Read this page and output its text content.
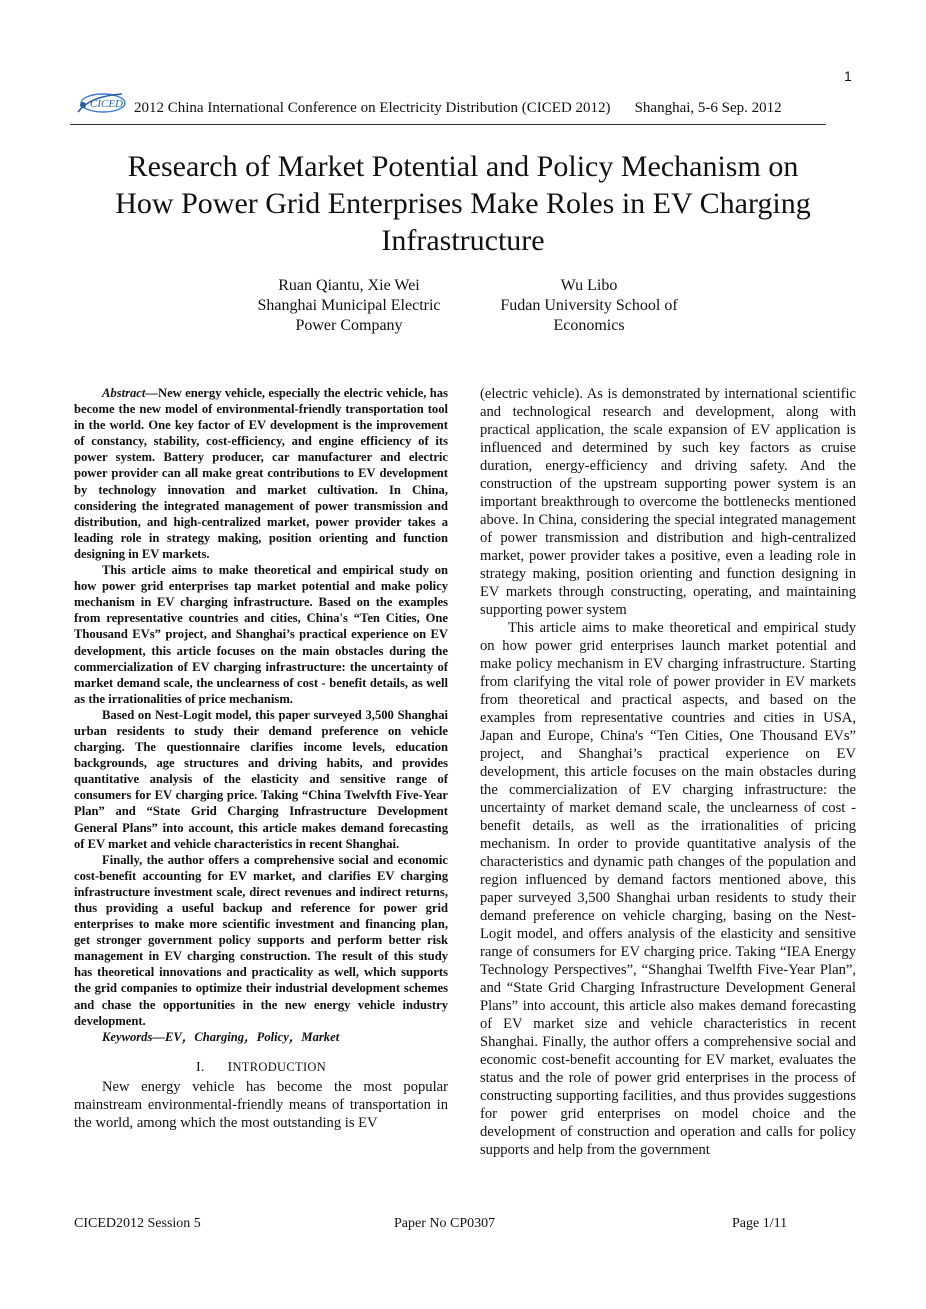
1
CICED 2012 China International Conference on Electricity Distribution (CICED 2012) Shanghai, 5-6 Sep. 2012
Research of Market Potential and Policy Mechanism on
How Power Grid Enterprises Make Roles in EV Charging
Infrastructure
Ruan Qiantu, Xie Wei
Shanghai Municipal Electric
Power Company
Wu Libo
Fudan University School of
Economics

Abstract—New energy vehicle, especially the electric vehicle, has become the new model of environmental-friendly transportation tool in the world. One key factor of EV development is the improvement of constancy, stability, cost-efficiency, and engine efficiency of its power system. Battery producer, car manufacturer and electric power provider can all make great contributions to EV development by technology innovation and market cultivation. In China, considering the integrated management of power transmission and distribution, and high-centralized market, power provider takes a leading role in strategy making, position orienting and function designing in EV markets.

This article aims to make theoretical and empirical study on how power grid enterprises tap market potential and make policy mechanism in EV charging infrastructure. Based on the examples from representative countries and cities, China's “Ten Cities, One Thousand EVs” project, and Shanghai’s practical experience on EV development, this article focuses on the main obstacles during the commercialization of EV charging infrastructure: the uncertainty of market demand scale, the unclearness of cost - benefit details, as well as the irrationalities of price mechanism.

Based on Nest-Logit model, this paper surveyed 3,500 Shanghai urban residents to study their demand preference on vehicle charging. The questionnaire clarifies income levels, education backgrounds, age structures and driving habits, and provides quantitative analysis of the elasticity and sensitive range of consumers for EV charging price. Taking “China Twelvfth Five-Year Plan” and “State Grid Charging Infrastructure Development General Plans” into account, this article makes demand forecasting of EV market and vehicle characteristics in recent Shanghai.

Finally, the author offers a comprehensive social and economic cost-benefit accounting for EV market, and clarifies EV charging infrastructure investment scale, direct revenues and indirect returns, thus providing a useful backup and reference for power grid enterprises to make more scientific investment and financing plan, get stronger government policy supports and perform better risk management in EV charging construction. The result of this study has theoretical innovations and practicality as well, which supports the grid companies to optimize their industrial development schemes and chase the opportunities in the new energy vehicle industry development.

Keywords—EV，Charging，Policy，Market

I. INTRODUCTION

New energy vehicle has become the most popular mainstream environmental-friendly means of transportation in the world, among which the most outstanding is EV

(electric vehicle). As is demonstrated by international scientific and technological research and development, along with practical application, the scale expansion of EV application is influenced and determined by such key factors as cruise duration, energy-efficiency and driving safety. And the construction of the upstream supporting power system is an important breakthrough to overcome the bottlenecks mentioned above. In China, considering the special integrated management of power transmission and distribution and high-centralized market, power provider takes a positive, even a leading role in strategy making, position orienting and function designing in EV markets through constructing, operating, and maintaining supporting power system

This article aims to make theoretical and empirical study on how power grid enterprises launch market potential and make policy mechanism in EV charging infrastructure. Starting from clarifying the vital role of power provider in EV markets from theoretical and practical aspects, and based on the examples from representative countries and cities in USA, Japan and Europe, China's “Ten Cities, One Thousand EVs” project, and Shanghai’s practical experience on EV development, this article focuses on the main obstacles during the commercialization of EV charging infrastructure: the uncertainty of market demand scale, the unclearness of cost -benefit details, as well as the irrationalities of pricing mechanism. In order to provide quantitative analysis of the characteristics and dynamic path changes of the population and region influenced by demand factors mentioned above, this paper surveyed 3,500 Shanghai urban residents to study their demand preference on vehicle charging, basing on the Nest-Logit model, and offers analysis of the elasticity and sensitive range of consumers for EV charging price. Taking “IEA Energy Technology Perspectives”, “Shanghai Twelfth Five-Year Plan”, and “State Grid Charging Infrastructure Development General Plans” into account, this article also makes demand forecasting of EV market size and vehicle characteristics in recent Shanghai. Finally, the author offers a comprehensive social and economic cost-benefit accounting for EV market, evaluates the status and the role of power grid enterprises in the process of constructing supporting facilities, and thus provides suggestions for power grid enterprises on model choice and the development of construction and operation and calls for policy supports and help from the government

CICED2012 Session 5	Paper No CP0307	Page 1/11
